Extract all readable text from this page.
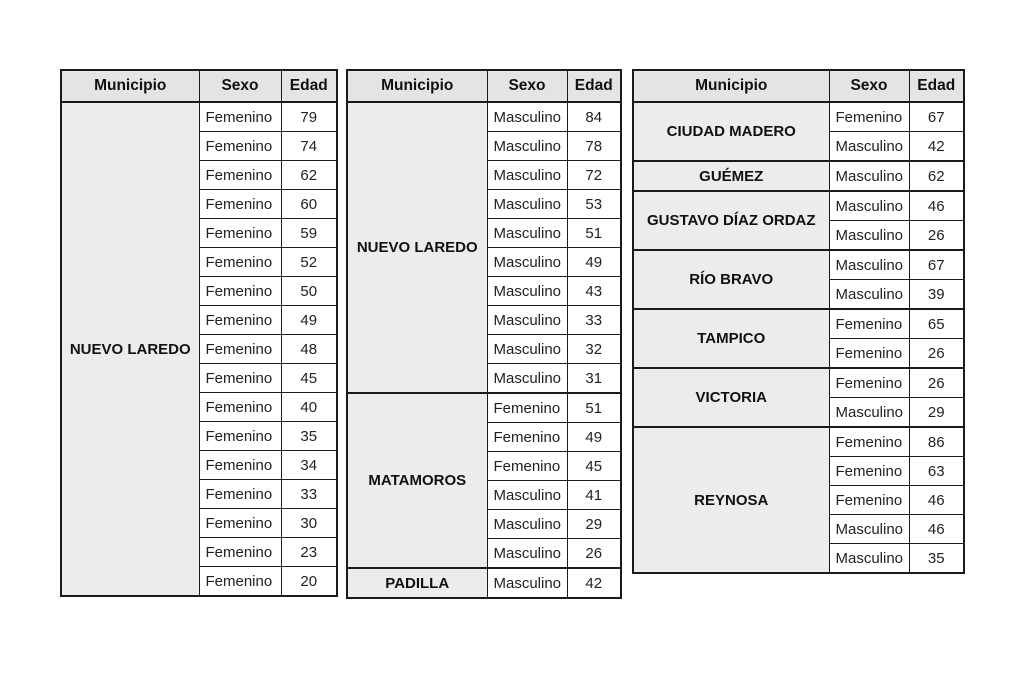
Municipio	Sexo	Edad
NUEVO LAREDO	Femenino	79
	Femenino	74
	Femenino	62
	Femenino	60
	Femenino	59
	Femenino	52
	Femenino	50
	Femenino	49
	Femenino	48
	Femenino	45
	Femenino	40
	Femenino	35
	Femenino	34
	Femenino	33
	Femenino	30
	Femenino	23
	Femenino	20
Municipio	Sexo	Edad
NUEVO LAREDO	Masculino	84
	Masculino	78
	Masculino	72
	Masculino	53
	Masculino	51
	Masculino	49
	Masculino	43
	Masculino	33
	Masculino	32
	Masculino	31
MATAMOROS	Femenino	51
	Femenino	49
	Femenino	45
	Masculino	41
	Masculino	29
	Masculino	26
PADILLA	Masculino	42
Municipio	Sexo	Edad
CIUDAD MADERO	Femenino	67
	Masculino	42
GUÉMEZ	Masculino	62
GUSTAVO DÍAZ ORDAZ	Masculino	46
	Masculino	26
RÍO BRAVO	Masculino	67
	Masculino	39
TAMPICO	Femenino	65
	Femenino	26
VICTORIA	Femenino	26
	Masculino	29
REYNOSA	Femenino	86
	Femenino	63
	Femenino	46
	Masculino	46
	Masculino	35
